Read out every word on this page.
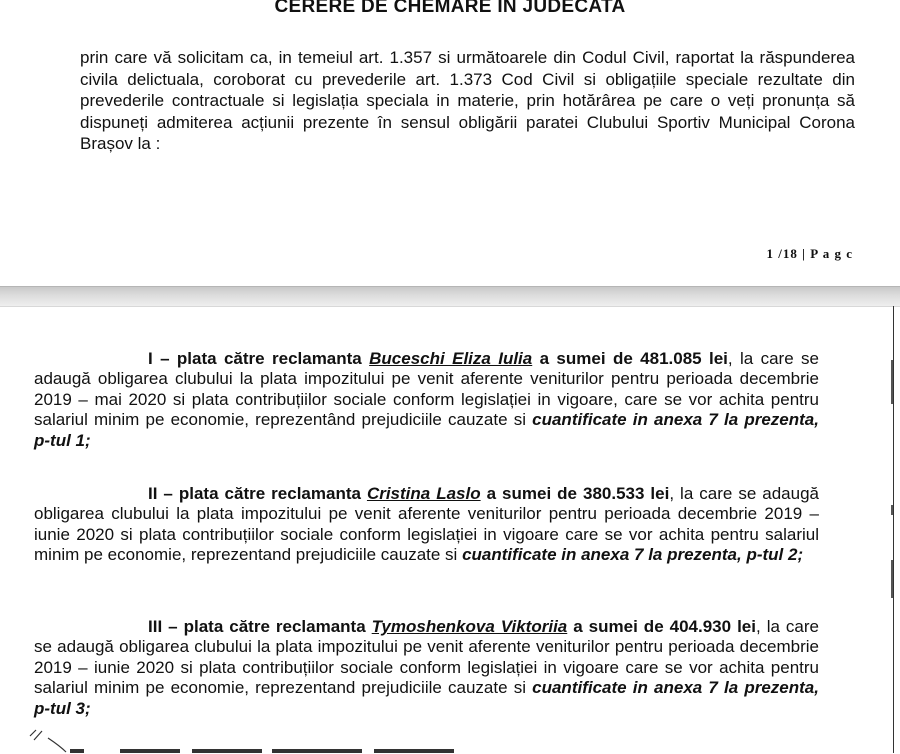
CERERE DE CHEMARE IN JUDECATA
prin care vă solicitam ca, in temeiul art. 1.357 si următoarele din Codul Civil, raportat la răspunderea civila delictuala, coroborat cu prevederile art. 1.373 Cod Civil si obligațiile speciale rezultate din prevederile contractuale si legislația speciala in materie, prin hotărârea pe care o veți pronunța să dispuneți admiterea acțiunii prezente în sensul obligării paratei Clubului Sportiv Municipal Corona Brașov la :
1 /18 | P a g c
I – plata către reclamanta Buceschi Eliza Iulia a sumei de 481.085 lei, la care se adaugă obligarea clubului la plata impozitului pe venit aferente veniturilor pentru perioada decembrie 2019 – mai 2020 si plata contribuțiilor sociale conform legislației in vigoare, care se vor achita pentru salariul minim pe economie, reprezentând prejudiciile cauzate si cuantificate in anexa 7 la prezenta, p-tul 1;
II – plata către reclamanta Cristina Laslo a sumei de 380.533 lei, la care se adaugă obligarea clubului la plata impozitului pe venit aferente veniturilor pentru perioada decembrie 2019 – iunie 2020 si plata contribuțiilor sociale conform legislației in vigoare care se vor achita pentru salariul minim pe economie, reprezentand prejudiciile cauzate si cuantificate in anexa 7 la prezenta, p-tul 2;
III – plata către reclamanta Tymoshenkova Viktoriia a sumei de 404.930 lei, la care se adaugă obligarea clubului la plata impozitului pe venit aferente veniturilor pentru perioada decembrie 2019 – iunie 2020 si plata contribuțiilor sociale conform legislației in vigoare care se vor achita pentru salariul minim pe economie, reprezentand prejudiciile cauzate si cuantificate in anexa 7 la prezenta, p-tul 3;
